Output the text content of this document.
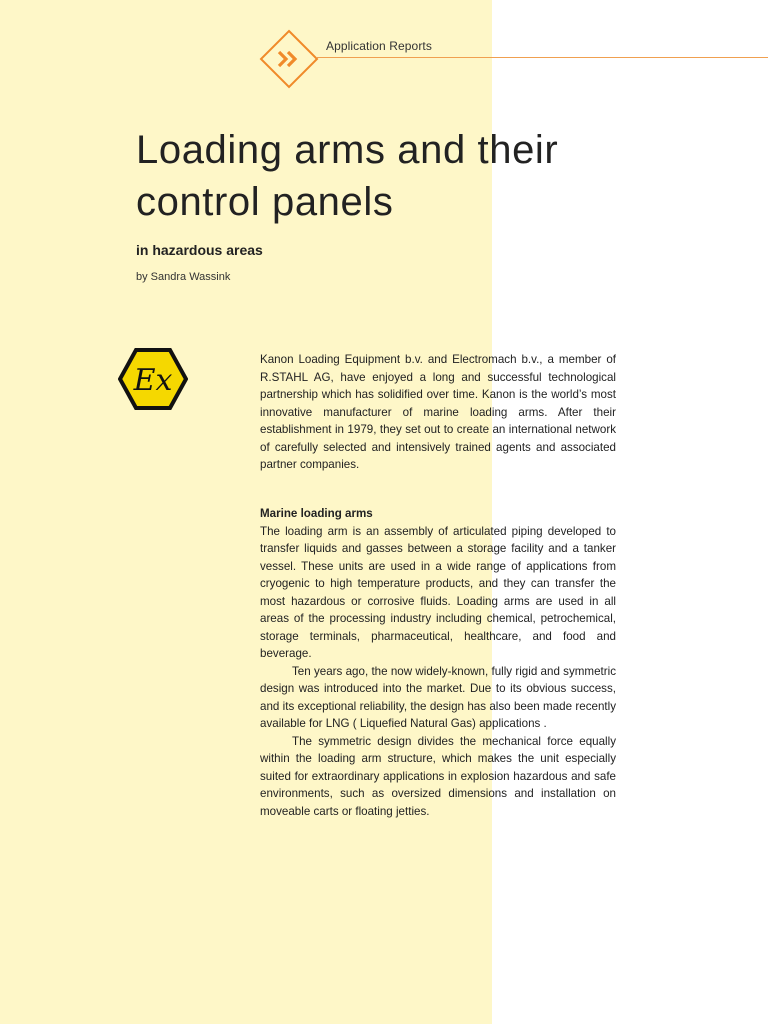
Application Reports
Loading arms and their
control panels
in hazardous areas
by Sandra Wassink
Ex

Kanon Loading Equipment b.v. and Electromach b.v., a member of R.STAHL AG, have enjoyed a long and successful technological partnership which has solidified over time. Kanon is the world’s most innovative manufacturer of marine loading arms. After their establishment in 1979, they set out to create an international network of carefully selected and intensively trained agents and associated partner companies.

Marine loading arms

The loading arm is an assembly of articulated piping developed to transfer liquids and gasses between a storage facility and a tanker vessel. These units are used in a wide range of applications from cryogenic to high temperature products, and they can transfer the most hazardous or corrosive fluids. Loading arms are used in all areas of the processing industry including chemical, petrochemical, storage terminals, pharmaceutical, healthcare, and food and beverage.

Ten years ago, the now widely-known, fully rigid and symmetric design was introduced into the market. Due to its obvious success, and its exceptional reliability, the design has also been made recently available for LNG ( Liquefied Natural Gas) applications .

The symmetric design divides the mechanical force equally within the loading arm structure, which makes the unit especially suited for extraordinary applications in explosion hazardous and safe environments, such as oversized dimensions and installation on moveable carts or floating jetties.
